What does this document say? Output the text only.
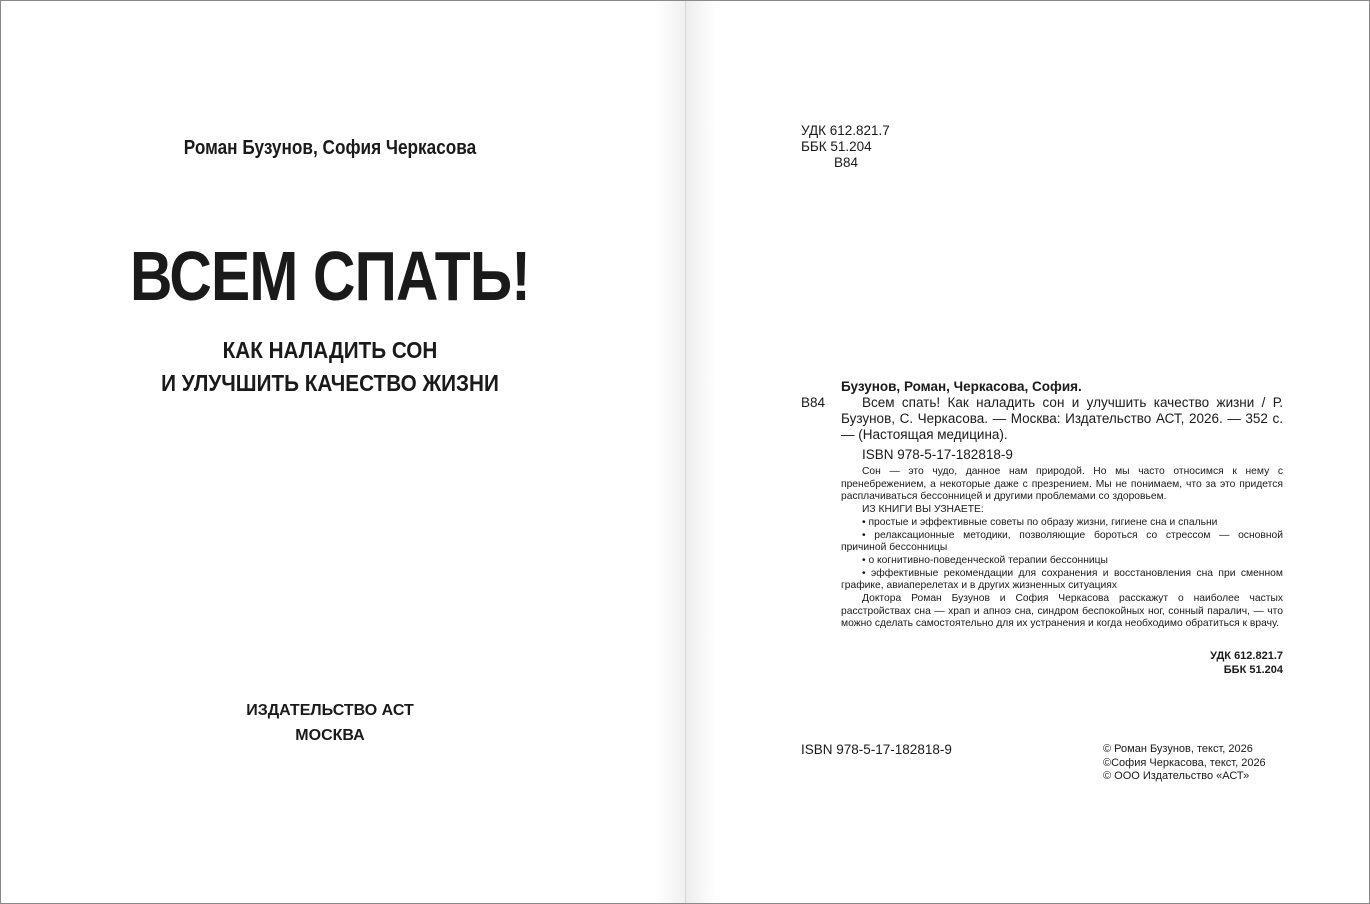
Роман Бузунов, София Черкасова
ВСЕМ СПАТЬ!
КАК НАЛАДИТЬ СОН
И УЛУЧШИТЬ КАЧЕСТВО ЖИЗНИ
ИЗДАТЕЛЬСТВО АСТ
МОСКВА
УДК 612.821.7
ББК 51.204
В84
Бузунов, Роман, Черкасова, София.
В84	Всем спать! Как наладить сон и улучшить качество жизни / Р. Бузунов, С. Черкасова. — Москва: Издательство АСТ, 2026. — 352 с. — (Настоящая медицина).
ISBN 978-5-17-182818-9

Сон — это чудо, данное нам природой. Но мы часто относимся к нему с пренебрежением, а некоторые даже с презрением. Мы не понимаем, что за это придется расплачиваться бессонницей и другими проблемами со здоровьем.

ИЗ КНИГИ ВЫ УЗНАЕТЕ:

• простые и эффективные советы по образу жизни, гигиене сна и спальни

• релаксационные методики, позволяющие бороться со стрессом — основной причиной бессонницы

• о когнитивно-поведенческой терапии бессонницы

• эффективные рекомендации для сохранения и восстановления сна при сменном графике, авиаперелетах и в других жизненных ситуациях

Доктора Роман Бузунов и София Черкасова расскажут о наиболее частых расстройствах сна — храп и апноэ сна, синдром беспокойных ног, сонный паралич, — что можно сделать самостоятельно для их устранения и когда необходимо обратиться к врачу.

УДК 612.821.7
ББК 51.204
ISBN 978-5-17-182818-9	© Роман Бузунов, текст, 2026
©София Черкасова, текст, 2026
© ООО Издательство «АСТ»
